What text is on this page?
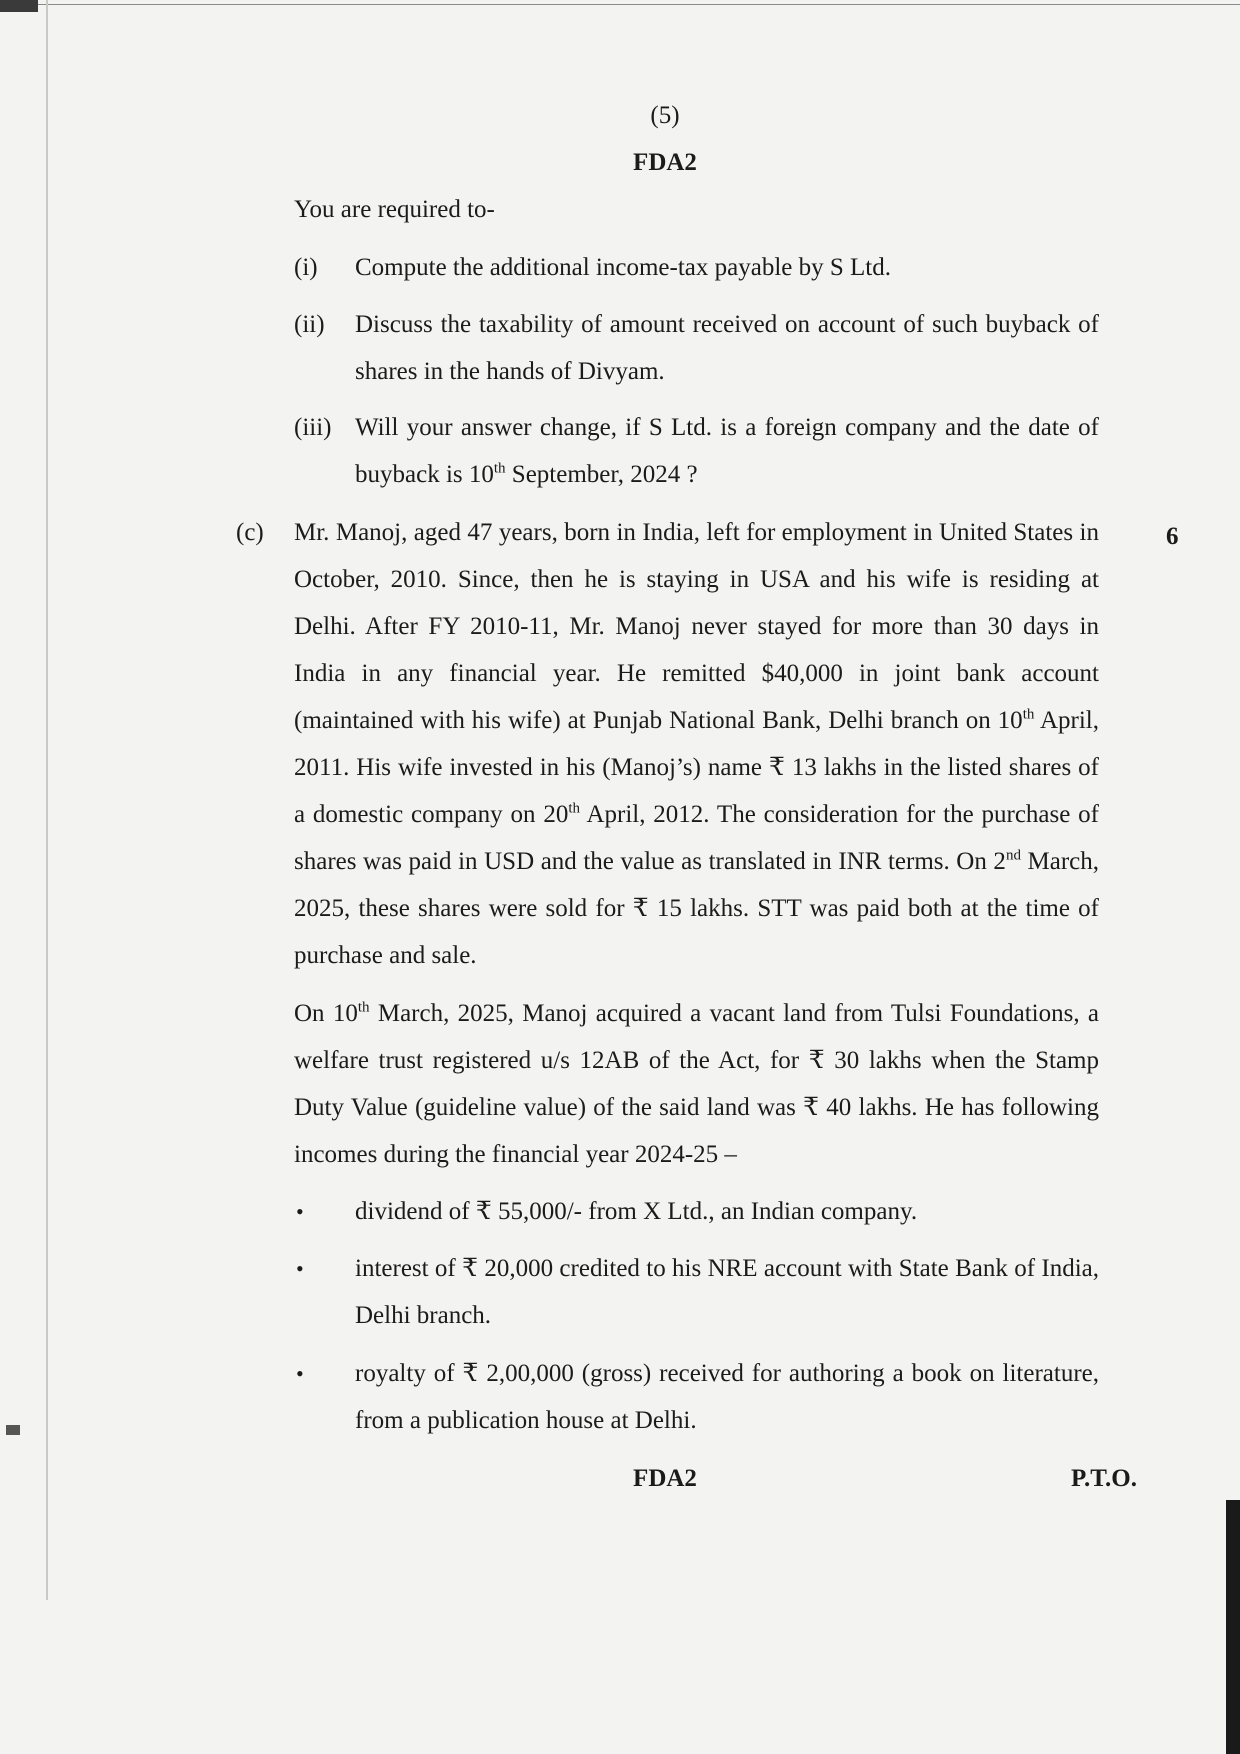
(5)
FDA2
You are required to-
(i) Compute the additional income-tax payable by S Ltd.
(ii) Discuss the taxability of amount received on account of such buyback of shares in the hands of Divyam.
(iii) Will your answer change, if S Ltd. is a foreign company and the date of buyback is 10th September, 2024 ?
(c)	6
Mr. Manoj, aged 47 years, born in India, left for employment in United States in October, 2010. Since, then he is staying in USA and his wife is residing at Delhi. After FY 2010-11, Mr. Manoj never stayed for more than 30 days in India in any financial year. He remitted $40,000 in joint bank account (maintained with his wife) at Punjab National Bank, Delhi branch on 10th April, 2011. His wife invested in his (Manoj’s) name ₹ 13 lakhs in the listed shares of a domestic company on 20th April, 2012. The consideration for the purchase of shares was paid in USD and the value as translated in INR terms. On 2nd March, 2025, these shares were sold for ₹ 15 lakhs. STT was paid both at the time of purchase and sale.
On 10th March, 2025, Manoj acquired a vacant land from Tulsi Foundations, a welfare trust registered u/s 12AB of the Act, for ₹ 30 lakhs when the Stamp Duty Value (guideline value) of the said land was ₹ 40 lakhs. He has following incomes during the financial year 2024-25 –
• dividend of ₹ 55,000/- from X Ltd., an Indian company.
• interest of ₹ 20,000 credited to his NRE account with State Bank of India, Delhi branch.
• royalty of ₹ 2,00,000 (gross) received for authoring a book on literature, from a publication house at Delhi.
FDA2	P.T.O.
